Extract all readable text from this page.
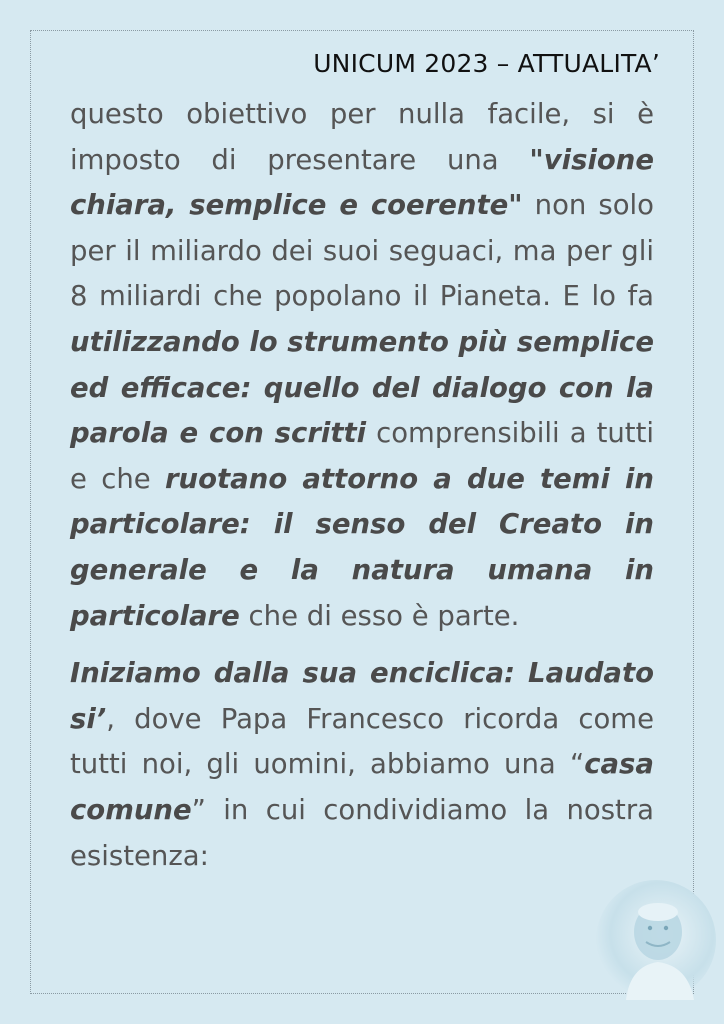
UNICUM 2023 – ATTUALITA’

questo obiettivo per nulla facile, si è imposto di presentare una "visione chiara, semplice e coerente" non solo per il miliardo dei suoi seguaci, ma per gli 8 miliardi che popolano il Pianeta. E lo fa utilizzando lo strumento più semplice ed efficace: quello del dialogo con la parola e con scritti comprensibili a tutti e che ruotano attorno a due temi in particolare: il senso del Creato in generale e la natura umana in particolare che di esso è parte.

Iniziamo dalla sua enciclica: Laudato si’, dove Papa Francesco ricorda come tutti noi, gli uomini, abbiamo una “casa comune” in cui condividiamo la nostra esistenza:
